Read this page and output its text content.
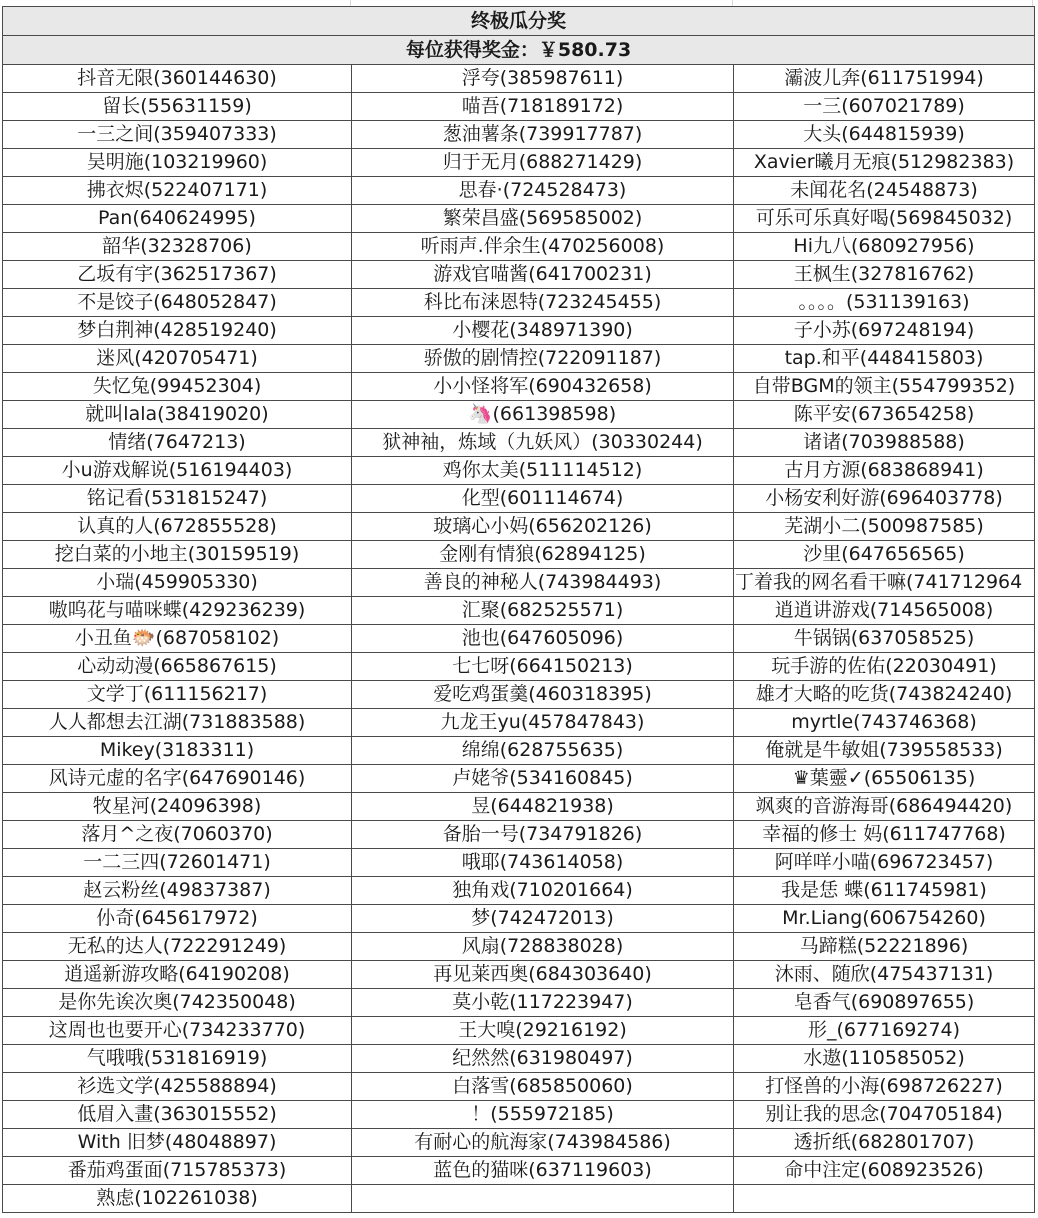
终极瓜分奖		
每位获得奖金：￥580.73		
抖音无限(360144630)	浮夸(385987611)	灞波儿奔(611751994)
留长(55631159)	喵吾(718189172)	一三(607021789)
一三之间(359407333)	葱油薯条(739917787)	大头(644815939)
吴明施(103219960)	归于无月(688271429)	Xavier曦月无痕(512982383)
拂衣烬(522407171)	思春·(724528473)	未闻花名(24548873)
Pan(640624995)	繁荣昌盛(569585002)	可乐可乐真好喝(569845032)
韶华(32328706)	听雨声.伴余生(470256008)	Hi九八(680927956)
乙坂有宇(362517367)	游戏官喵酱(641700231)	王枫生(327816762)
不是饺子(648052847)	科比布涞恩特(723245455)	。。。。(531139163)
梦白荆神(428519240)	小樱花(348971390)	子小苏(697248194)
迷风(420705471)	骄傲的剧情控(722091187)	tap.和平(448415803)
失忆兔(99452304)	小小怪将军(690432658)	自带BGM的领主(554799352)
就叫lala(38419020)	🦄(661398598)	陈平安(673654258)
情绪(7647213)	狱神袖，炼域（九妖风）(30330244)	诸诸(703988588)
小u游戏解说(516194403)	鸡你太美(511114512)	古月方源(683868941)
铭记看(531815247)	化型(601114674)	小杨安利好游(696403778)
认真的人(672855528)	玻璃心小妈(656202126)	芜湖小二(500987585)
挖白菜的小地主(30159519)	金刚有情狼(62894125)	沙里(647656565)
小瑞(459905330)	善良的神秘人(743984493)	丁着我的网名看干嘛(741712964
嗷呜花与喵咪蝶(429236239)	汇聚(682525571)	逍逍讲游戏(714565008)
小丑鱼🐡(687058102)	池也(647605096)	牛锅锅(637058525)
心动动漫(665867615)	七七呀(664150213)	玩手游的佐佑(22030491)
文学丁(611156217)	爱吃鸡蛋羹(460318395)	雄才大略的吃货(743824240)
人人都想去江湖(731883588)	九龙王yu(457847843)	myrtle(743746368)
Mikey(3183311)	绵绵(628755635)	俺就是牛敏姐(739558533)
风诗元虚的名字(647690146)	卢姥爷(534160845)	♛葉靈✓(65506135)
牧星河(24096398)	昱(644821938)	飒爽的音游海哥(686494420)
落月^之夜(7060370)	备胎一号(734791826)	幸福的修士 妈(611747768)
一二三四(72601471)	哦耶(743614058)	阿咩咩小喵(696723457)
赵云粉丝(49837387)	独角戏(710201664)	我是恁 蝶(611745981)
仦奇(645617972)	梦(742472013)	Mr.Liang(606754260)
无私的达人(722291249)	风扇(728838028)	马蹄糕(52221896)
逍遥新游攻略(64190208)	再见莱西奥(684303640)	沐雨、随欣(475437131)
是你先诶次奥(742350048)	莫小乾(117223947)	皂香气(690897655)
这周也也要开心(734233770)	王大嗅(29216192)	形_(677169274)
气哦哦(531816919)	纪然然(631980497)	水遨(110585052)
衫选文学(425588894)	白落雪(685850060)	打怪兽的小海(698726227)
低眉入畫(363015552)	！(555972185)	别让我的思念(704705184)
With 旧梦(48048897)	有耐心的航海家(743984586)	透折纸(682801707)
番茄鸡蛋面(715785373)	蓝色的猫咪(637119603)	命中注定(608923526)
熟虑(102261038)		
